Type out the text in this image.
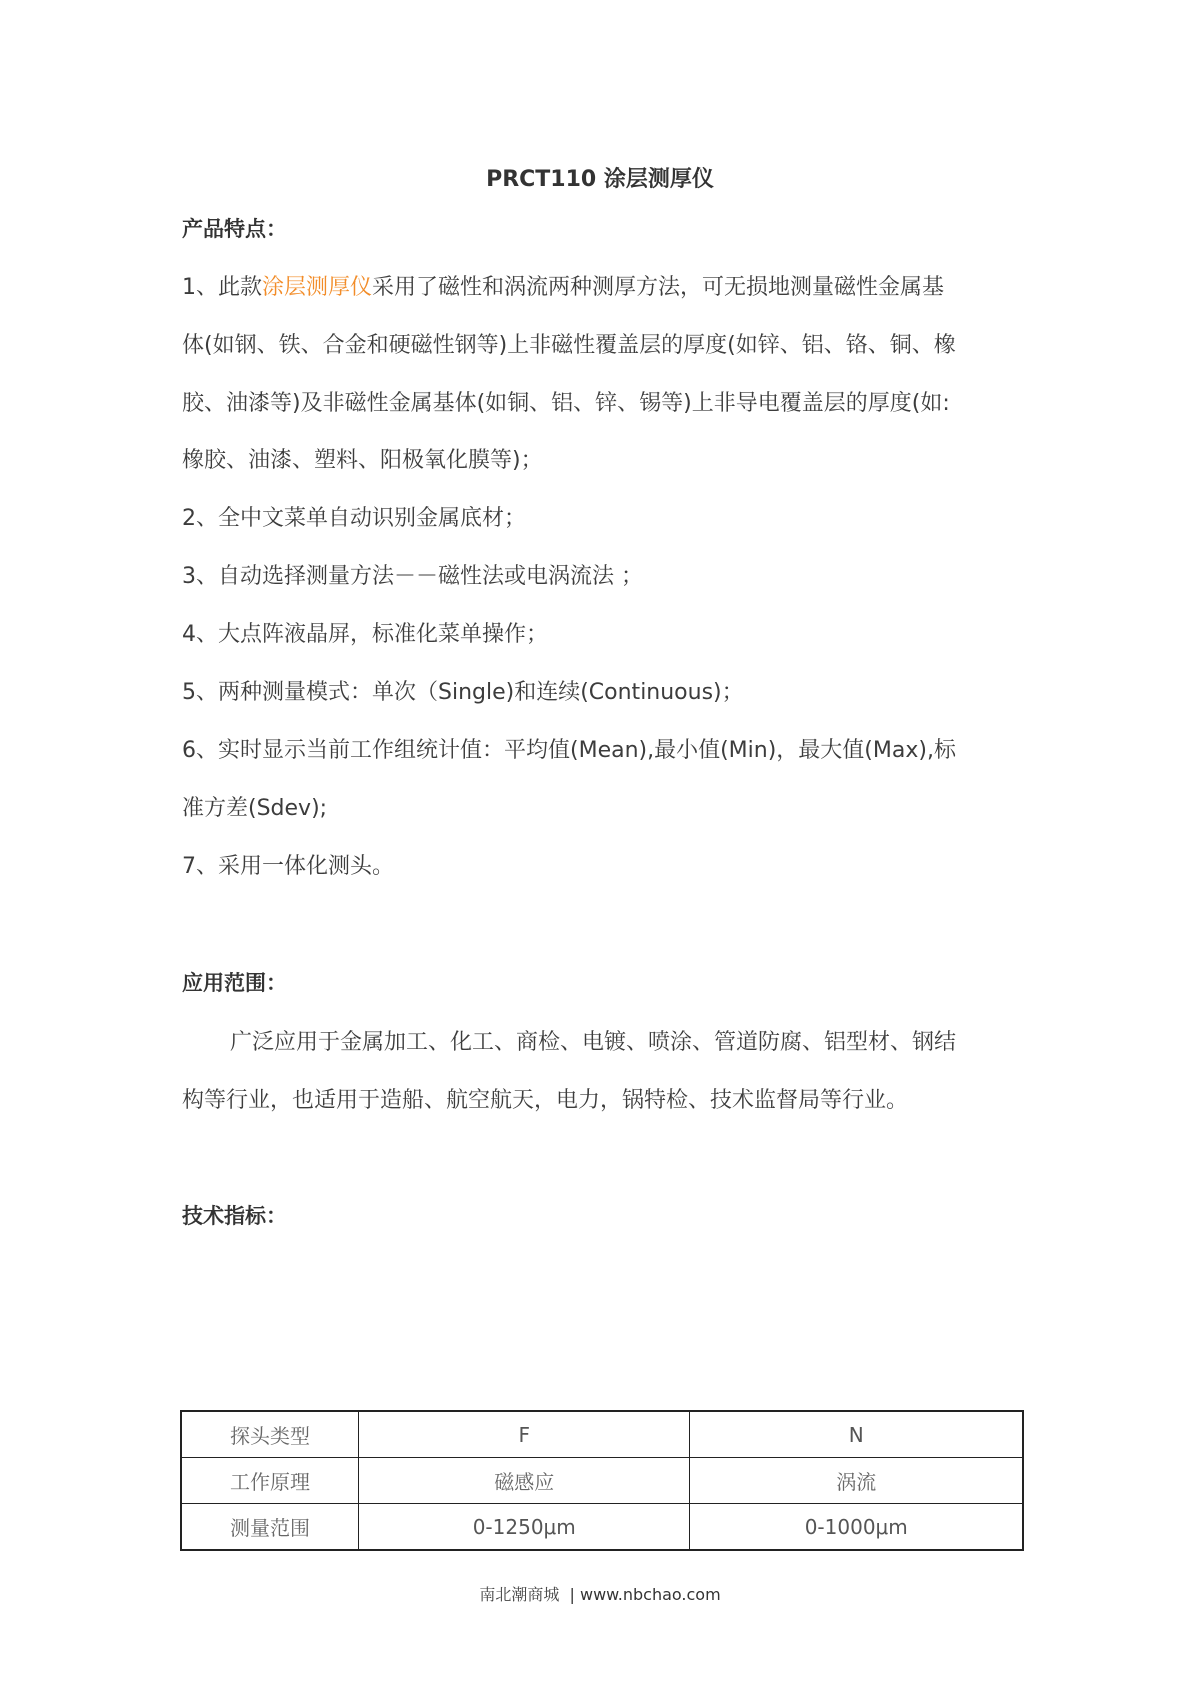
PRCT110 涂层测厚仪
产品特点：
1、此款涂层测厚仪采用了磁性和涡流两种测厚方法，可无损地测量磁性金属基
体(如钢、铁、合金和硬磁性钢等)上非磁性覆盖层的厚度(如锌、铝、铬、铜、橡
胶、油漆等)及非磁性金属基体(如铜、铝、锌、锡等)上非导电覆盖层的厚度(如:
橡胶、油漆、塑料、阳极氧化膜等)；
2、全中文菜单自动识别金属底材；
3、自动选择测量方法－－磁性法或电涡流法 ；
4、大点阵液晶屏，标准化菜单操作；
5、两种测量模式：单次（Single)和连续(Continuous)；
6、实时显示当前工作组统计值：平均值(Mean),最小值(Min)，最大值(Max),标
准方差(Sdev);
7、采用一体化测头。
应用范围：
广泛应用于金属加工、化工、商检、电镀、喷涂、管道防腐、铝型材、钢结
构等行业，也适用于造船、航空航天，电力，锅特检、技术监督局等行业。
技术指标：
探头类型	F	N
工作原理	磁感应	涡流
测量范围	0-1250μm	0-1000μm
南北潮商城 | www.nbchao.com
